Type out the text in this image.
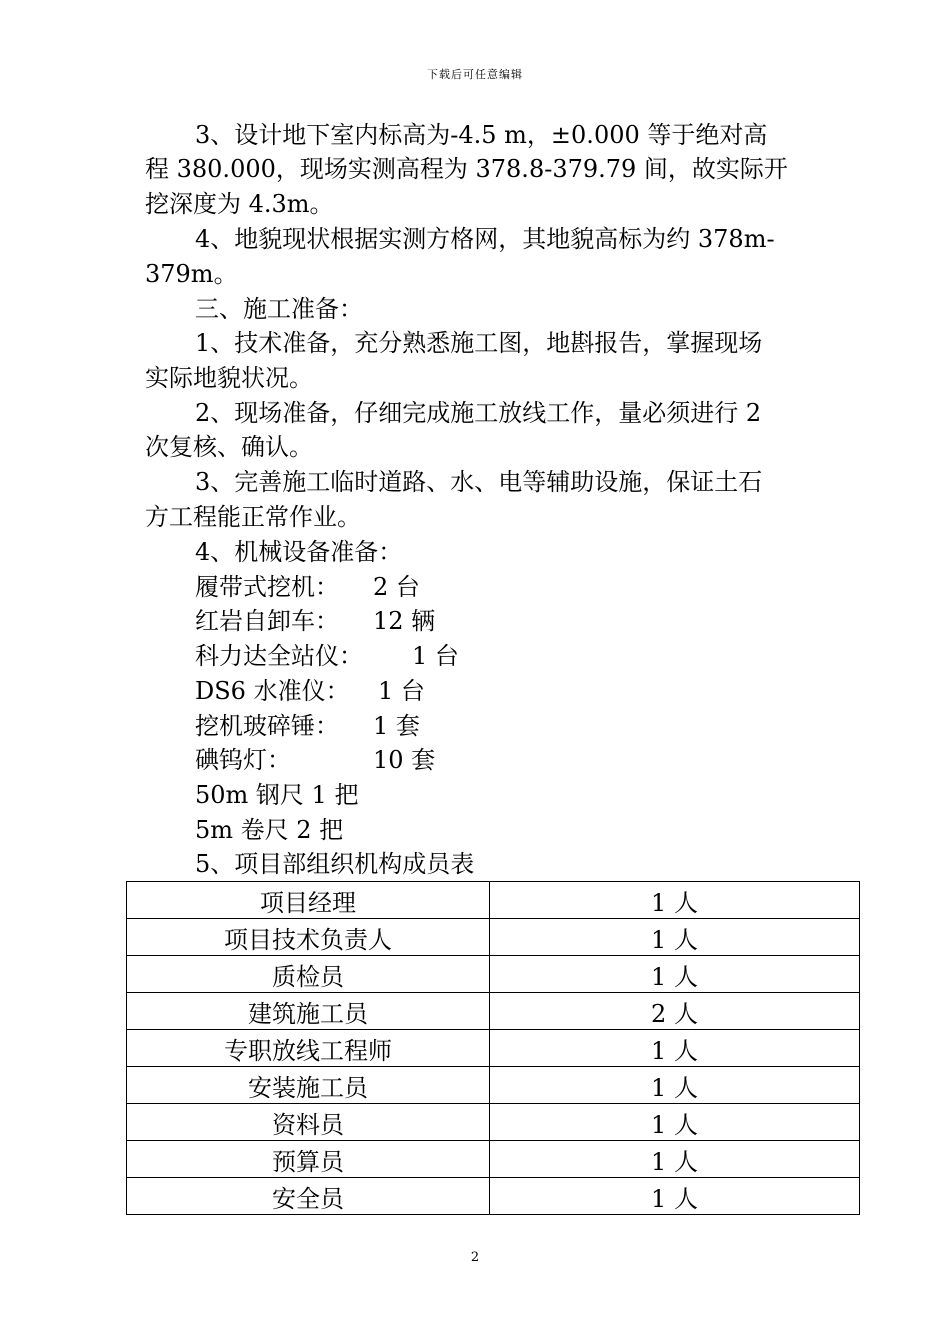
下载后可任意编辑
3、设计地下室内标高为-4.5 m，±0.000 等于绝对高
程 380.000，现场实测高程为 378.8-379.79 间，故实际开
挖深度为 4.3m。
4、地貌现状根据实测方格网，其地貌高标为约 378m-
379m。
三、施工准备：
1、技术准备，充分熟悉施工图，地斟报告，掌握现场
实际地貌状况。
2、现场准备，仔细完成施工放线工作，量必须进行 2
次复核、确认。
3、完善施工临时道路、水、电等辅助设施，保证土石
方工程能正常作业。
4、机械设备准备：
履带式挖机： 2 台
红岩自卸车： 12 辆
科力达全站仪： 1 台
DS6 水准仪： 1 台
挖机玻碎锤： 1 套
碘钨灯：	10 套
50m 钢尺 1 把
5m 卷尺 2 把
5、项目部组织机构成员表
项目经理	1 人
项目技术负责人	1 人
质检员	1 人
建筑施工员	2 人
专职放线工程师	1 人
安装施工员	1 人
资料员	1 人
预算员	1 人
安全员	1 人
2
